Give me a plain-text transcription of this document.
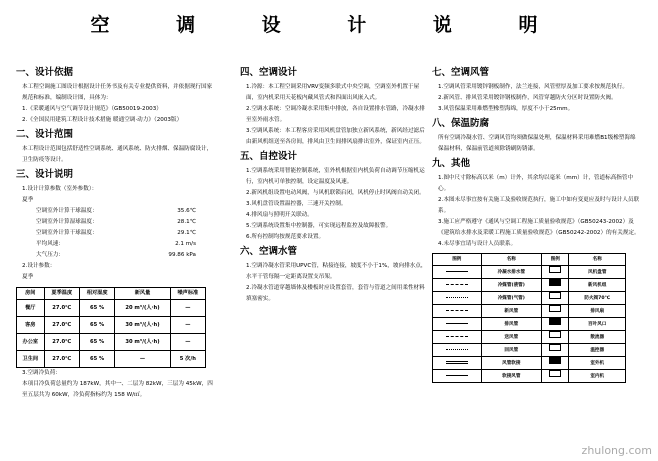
空 调 设 计 说 明
一、设计依据

本工程空调施工图设计根据设计任务书及有关专业提供资料，并依据现行国家规范和标准，编制设计图，具体为：

1.《采暖通风与空气调节设计规范》（GB50019-2003）

2.《全国民用建筑工程设计技术措施 暖通空调·动力》（2003版）

二、设计范围

本工程设计范围包括舒适性空调系统、通风系统、防火排烟、保温防腐设计，卫生防疫等设计。

三、设计说明

1.设计计算参数（室外参数）：

夏季

空调室外计算干球温度：	35.6℃
空调室外计算湿球温度：	28.1℃
空调室外计算干球温度：	29.1℃
平均风速：	2.1 m/s
大气压力：	99.86 kPa

2.设计参数：

夏季

房间	夏季温度	相对湿度	新风量	噪声标准
餐厅	27.0℃	65 %	20 m³/(人·h)	—
客房	27.0℃	65 %	30 m³/(人·h)	—
办公室	27.0℃	65 %	30 m³/(人·h)	—
卫生间	27.0℃	65 %	—	5 次/h

3.空调冷负荷：

本项目冷负荷总量约为 187kW，其中一、二层为 82kW，三层为 45kW，四至五层共为 60kW，冷负荷指标约为 158 W/㎡。

四、空调设计

1.冷源：本工程空调采用VRV变频多联式中央空调，空调室外机置于屋面，室内机采用天花板内藏风管式和四面出风嵌入式。

2.空调水系统：空调冷凝水采用集中排放，各自设置排水管路，冷凝水排至室外雨水管。

3.空调风系统：本工程客房采用风机盘管加独立新风系统，新风经过滤后由新风机组送至各房间，排风由卫生间排风扇排出室外，保证室内正压。

五、自控设计

1.空调系统采用智能控制系统，室外机根据室内机负荷自动调节压缩机运行，室内机可单独控制，设定温度及风速。

2.新风机组设置电动风阀，与风机联锁启闭，风机停止时风阀自动关闭。

3.风机盘管设置温控器，三速开关控制。

4.排风扇与照明开关联动。

5.空调系统设置集中控制器，可实现远程监控及故障报警。

6.所有控制均按规范要求设置。

六、空调水管

1.空调冷凝水管采用UPVC管，粘接连接，坡度不小于1%，坡向排水点，水平干管每隔一定距离设置支吊架。

2.冷凝水管道穿越墙体及楼板时应设置套管，套管与管道之间用柔性材料填塞密实。

七、空调风管

1.空调风管采用镀锌钢板制作，法兰连接，风管壁厚及加工要求按规范执行。

2.新风管、排风管采用镀锌钢板制作，风管穿越防火分区时设置防火阀。

3.风管保温采用难燃型橡塑海绵，厚度不小于25mm。

八、保温防腐

所有空调冷凝水管、空调风管均须做保温处理，保温材料采用难燃B1级橡塑海绵保温材料，保温前管道须除锈刷防锈漆。

九、其他

1.图中尺寸除标高以米（m）计外，其余均以毫米（mm）计，管道标高指管中心。

2.本图未尽事宜按有关施工及验收规范执行，施工中如有变更应及时与设计人员联系。

3.施工应严格遵守《通风与空调工程施工质量验收规范》（GB50243-2002）及《建筑给水排水及采暖工程施工质量验收规范》（GB50242-2002）的有关规定。

4.未尽事宜请与设计人员联系。

图例	名称	图例	名称
	冷凝水排水管		风机盘管
	冷媒管(液管)		新风机组
	冷媒管(气管)		防火阀70℃
	新风管		排风扇
	排风管		百叶风口
	送风管		散流器
	回风管		温控器
	风管软接		室外机
	软接风管		室内机
zhulong.com
